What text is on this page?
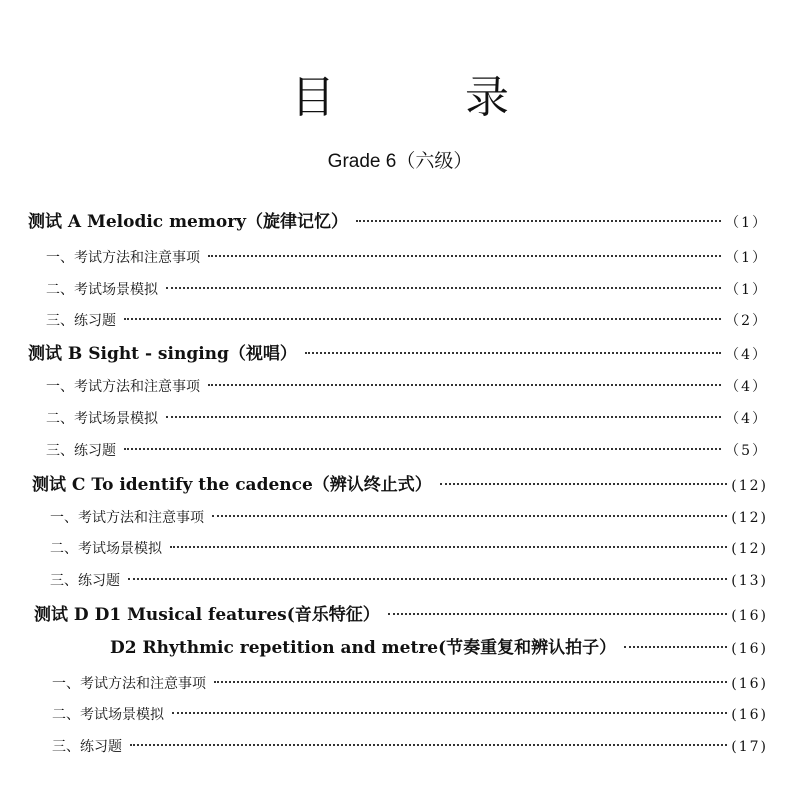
目 录
Grade 6（六级）
测试 A Melodic memory（旋律记忆）	（1）
一、考试方法和注意事项	（1）
二、考试场景模拟	（1）
三、练习题	（2）
测试 B Sight - singing（视唱）	（4）
一、考试方法和注意事项	（4）
二、考试场景模拟	（4）
三、练习题	（5）
测试 C To identify the cadence（辨认终止式）	(12)
一、考试方法和注意事项	(12)
二、考试场景模拟	(12)
三、练习题	(13)
测试 D D1 Musical features(音乐特征）	(16)
D2 Rhythmic repetition and metre(节奏重复和辨认拍子）	(16)
一、考试方法和注意事项	(16)
二、考试场景模拟	(16)
三、练习题	(17)
